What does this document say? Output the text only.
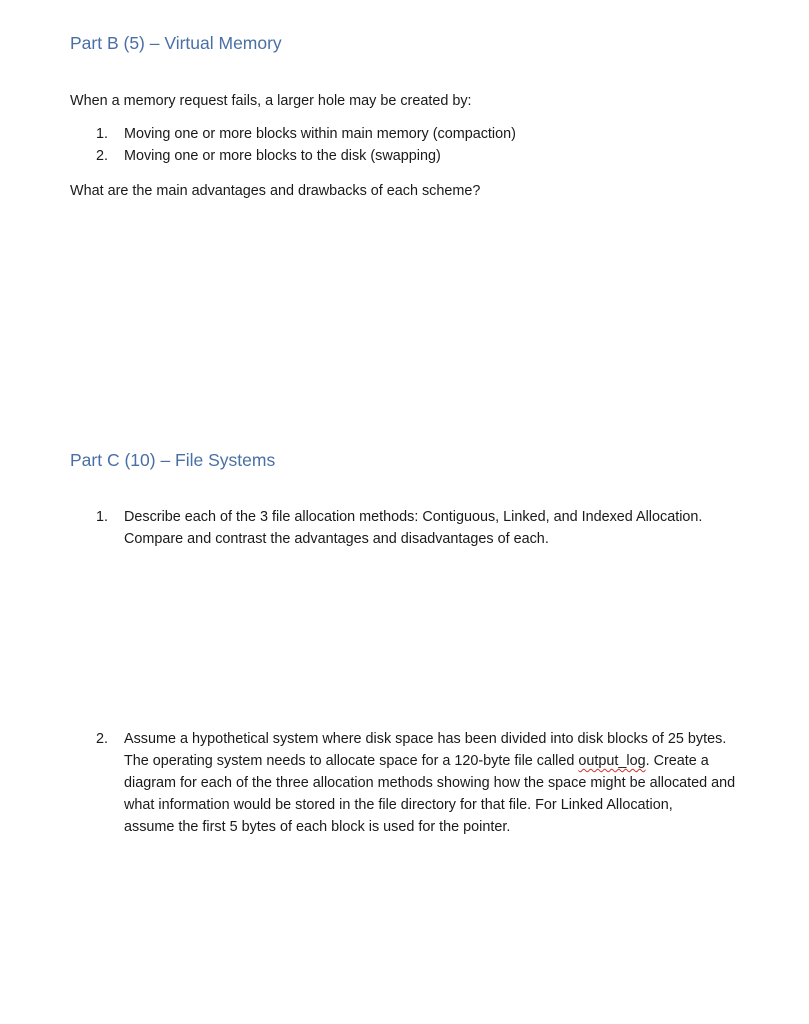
Part B (5) – Virtual Memory

When a memory request fails, a larger hole may be created by:

1.	Moving one or more blocks within main memory (compaction)
2.	Moving one or more blocks to the disk (swapping)

What are the main advantages and drawbacks of each scheme?

Part C (10) – File Systems
1.	Describe each of the 3 file allocation methods: Contiguous, Linked, and Indexed Allocation.
Compare and contrast the advantages and disadvantages of each.
2.	Assume a hypothetical system where disk space has been divided into disk blocks of 25 bytes.
The operating system needs to allocate space for a 120-byte file called output_log. Create a
diagram for each of the three allocation methods showing how the space might be allocated and
what information would be stored in the file directory for that file. For Linked Allocation,
assume the first 5 bytes of each block is used for the pointer.
